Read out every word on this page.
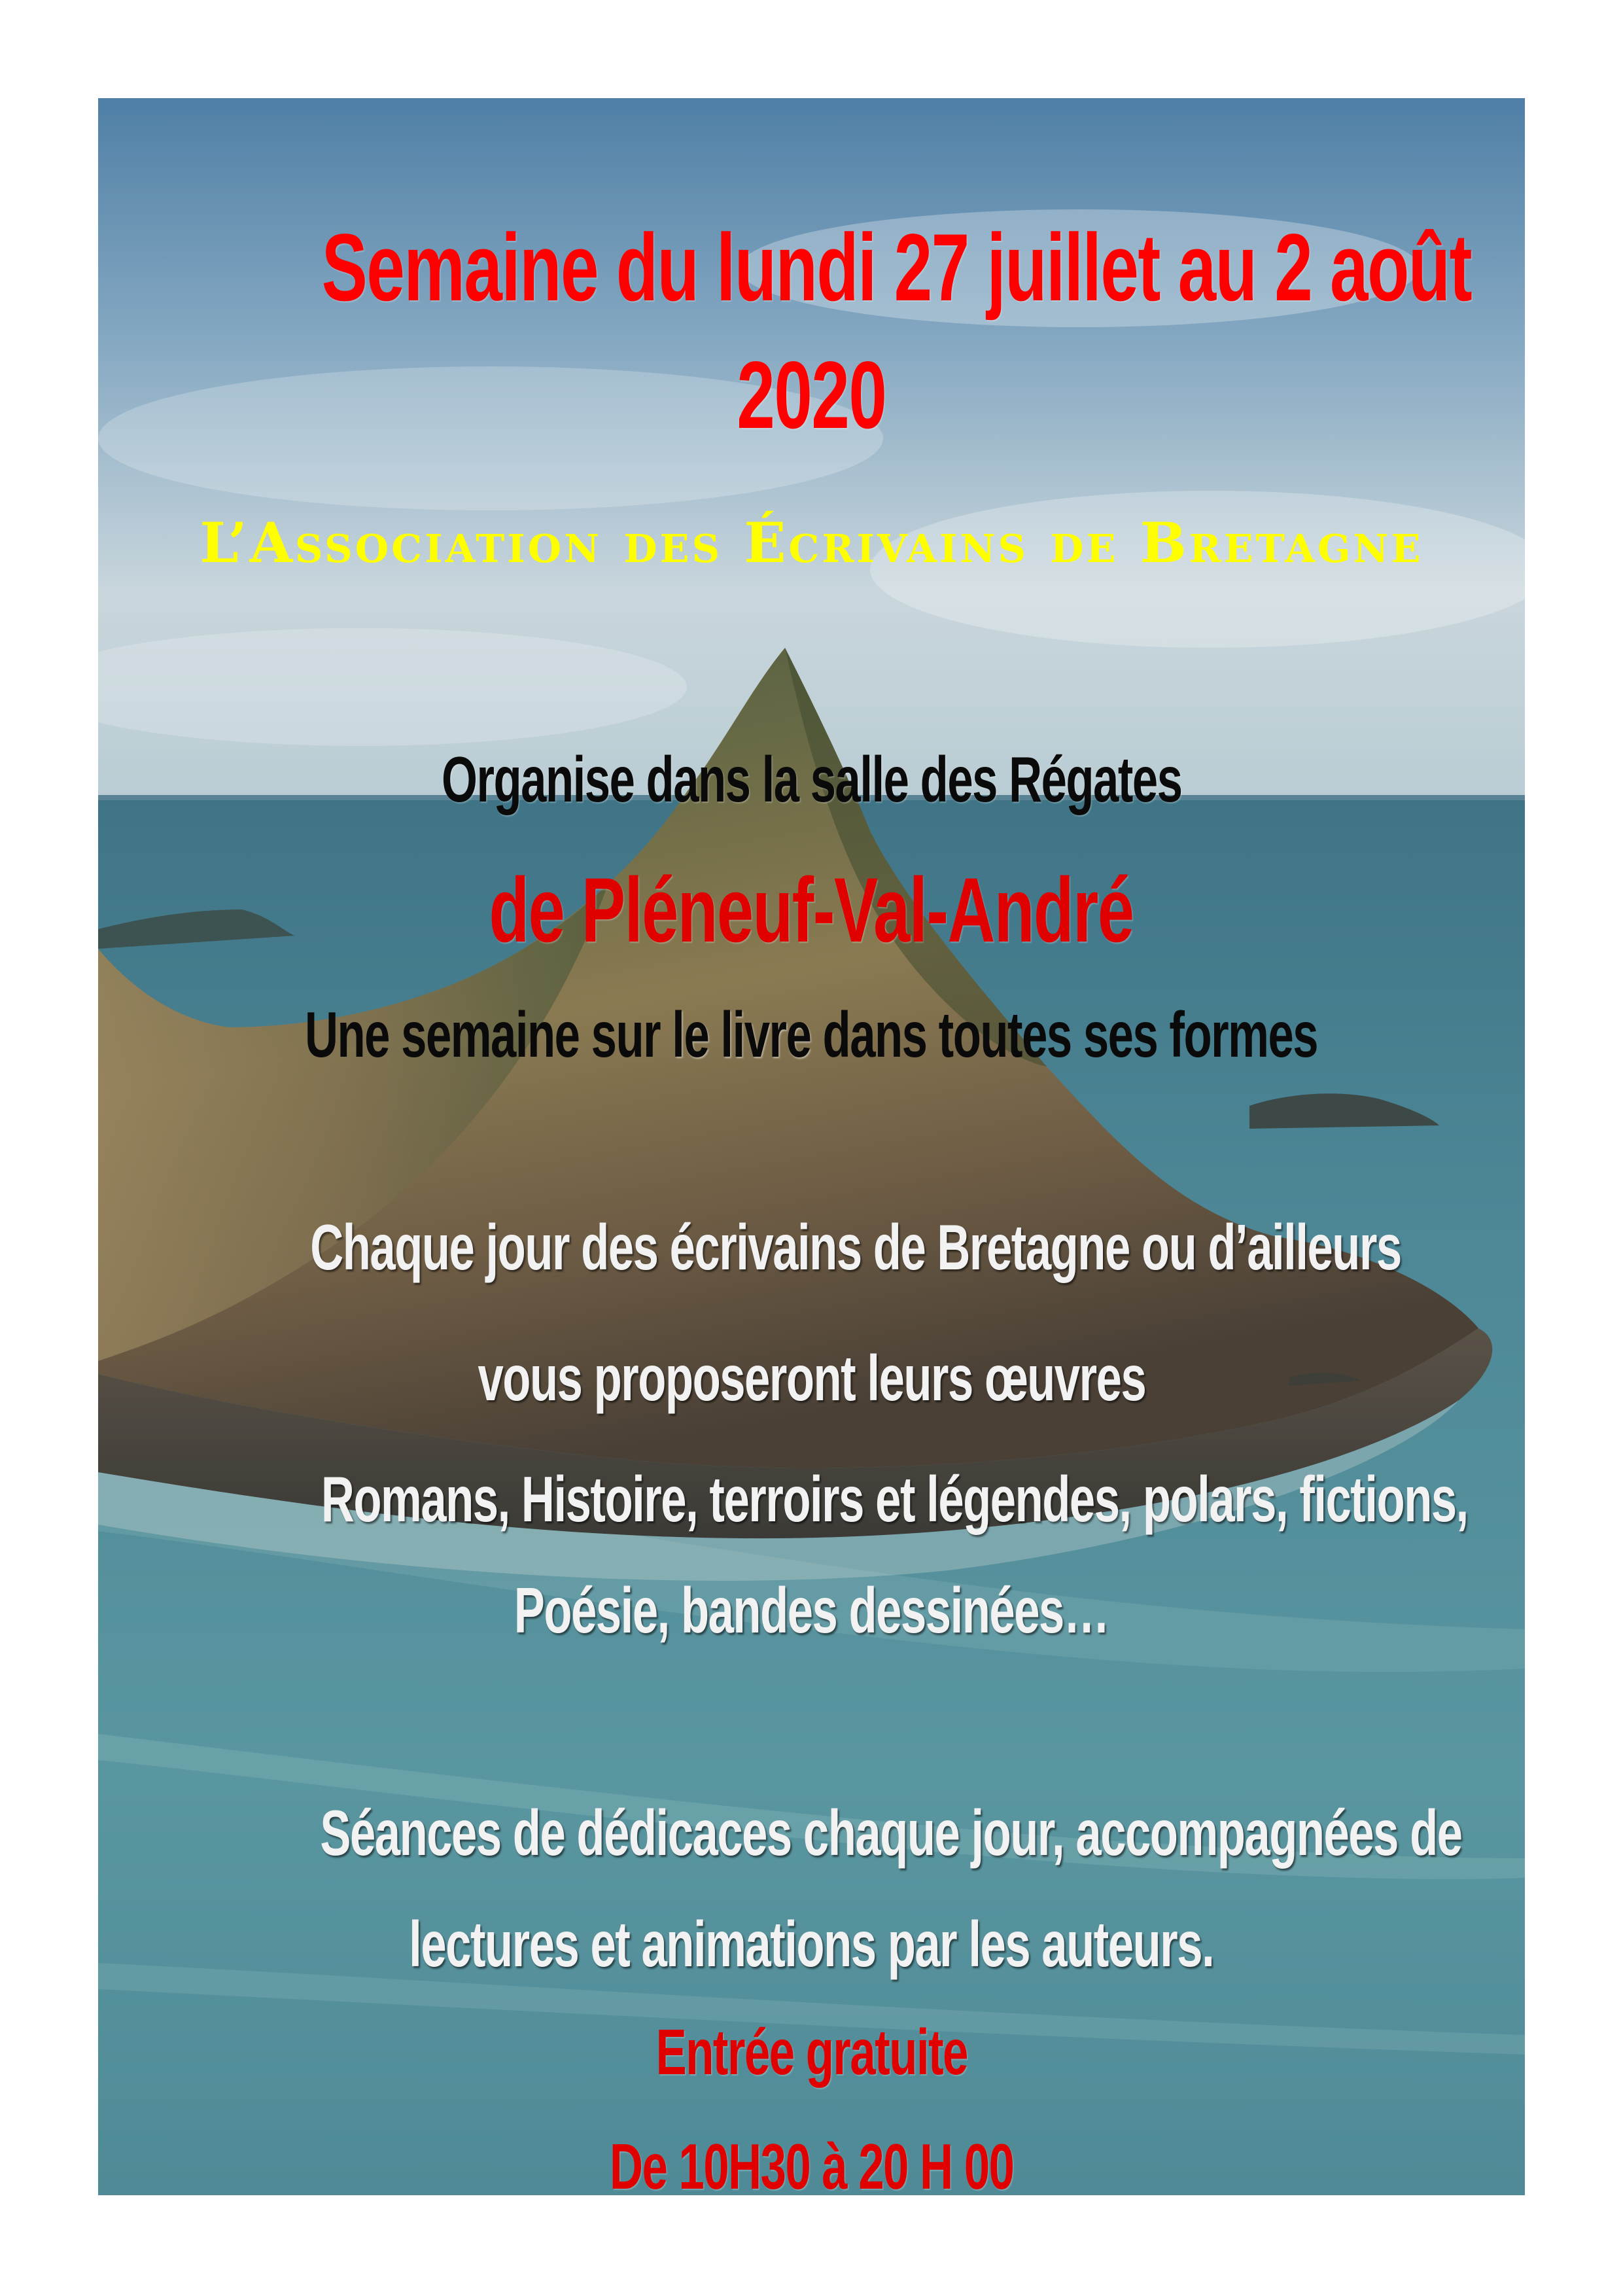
Semaine du lundi 27 juillet au 2 août
2020
L’Association des Écrivains de Bretagne
Organise dans la salle des Régates
de Pléneuf-Val-André
Une semaine sur le livre dans toutes ses formes
Chaque jour des écrivains de Bretagne ou d’ailleurs
vous proposeront leurs œuvres
Romans, Histoire, terroirs et légendes, polars, fictions,
Poésie, bandes dessinées…
Séances de dédicaces chaque jour, accompagnées de
lectures et animations par les auteurs.
Entrée gratuite
De 10H30 à 20 H 00
